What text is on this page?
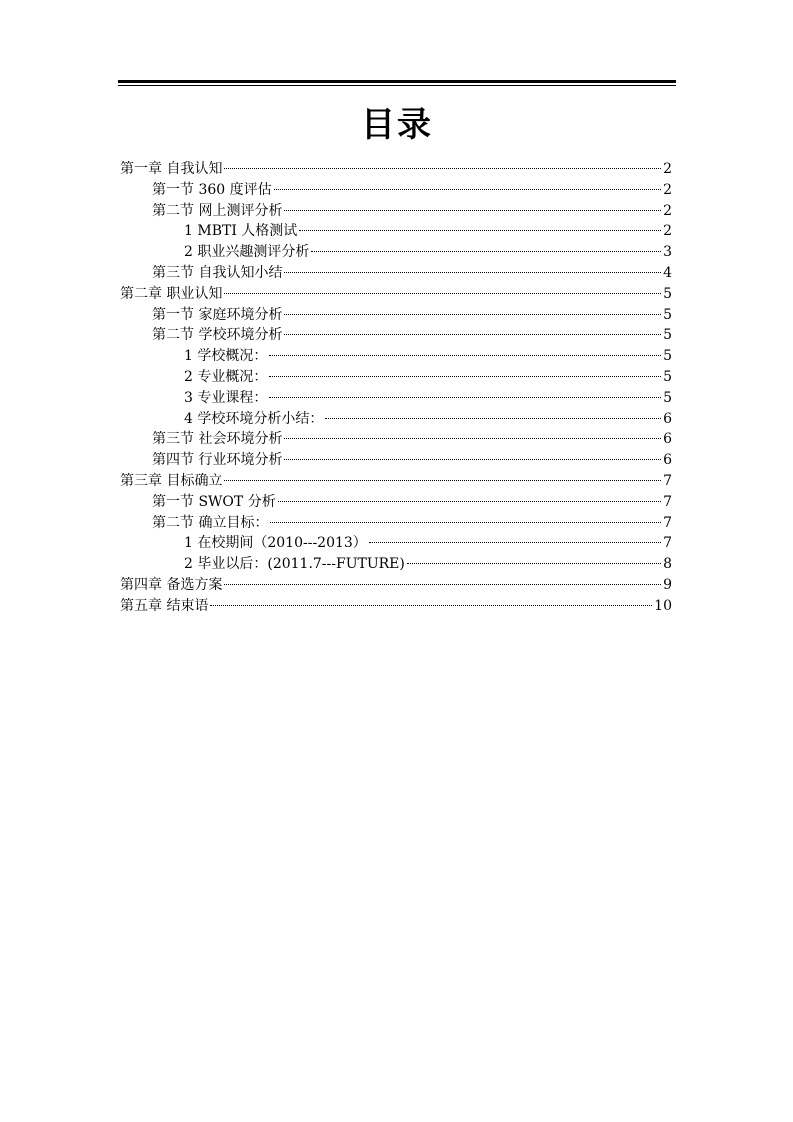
目录
第一章 自我认知	2
第一节 360 度评估	2
第二节 网上测评分析	2
1 MBTI 人格测试	2
2 职业兴趣测评分析	3
第三节 自我认知小结	4
第二章 职业认知	5
第一节 家庭环境分析	5
第二节 学校环境分析	5
1 学校概况：	5
2 专业概况：	5
3 专业课程：	5
4 学校环境分析小结：	6
第三节 社会环境分析	6
第四节 行业环境分析	6
第三章 目标确立	7
第一节 SWOT 分析	7
第二节 确立目标：	7
1 在校期间（2010---2013）	7
2 毕业以后：(2011.7---FUTURE)	8
第四章 备选方案	9
第五章 结束语	10
